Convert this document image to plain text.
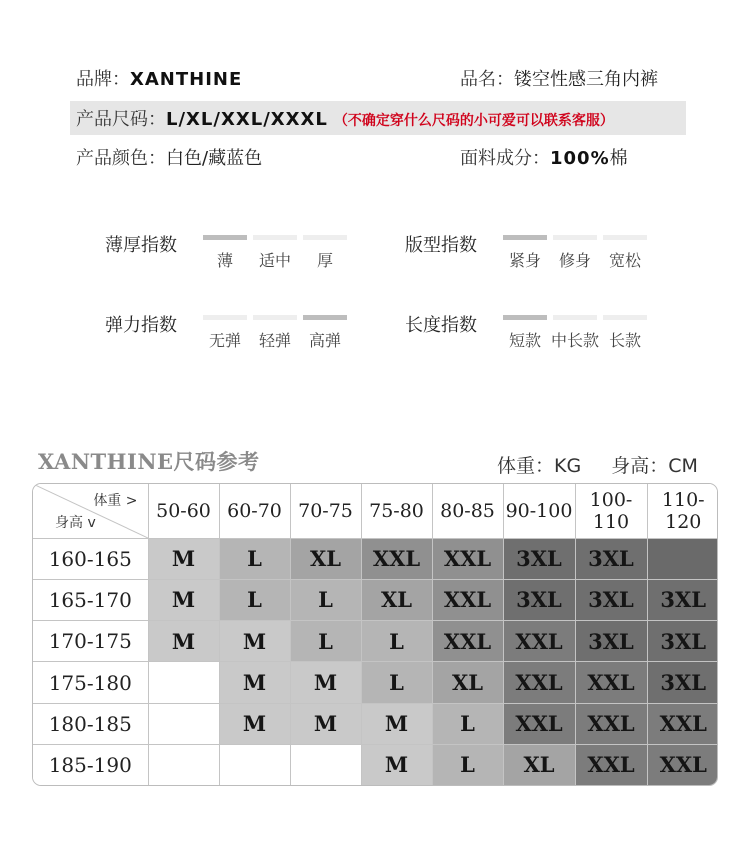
品牌：XANTHINE	品名：镂空性感三角内裤
产品尺码：L/XL/XXL/XXXL （不确定穿什么尺码的小可爱可以联系客服）
产品颜色：白色/藏蓝色	面料成分：100%棉
薄厚指数
薄 适中 厚
版型指数
紧身 修身 宽松
弹力指数
无弹 轻弹 高弹
长度指数
短款 中长款 长款
XANTHINE尺码参考	体重：KG 身高：CM
体重 >
身高 v	50-60	60-70	70-75	75-80	80-85	90-100	100-110	110-120
160-165	M	L	XL	XXL	XXL	3XL	3XL	
165-170	M	L	L	XL	XXL	3XL	3XL	3XL
170-175	M	M	L	L	XXL	XXL	3XL	3XL
175-180		M	M	L	XL	XXL	XXL	3XL
180-185		M	M	M	L	XXL	XXL	XXL
185-190				M	L	XL	XXL	XXL
